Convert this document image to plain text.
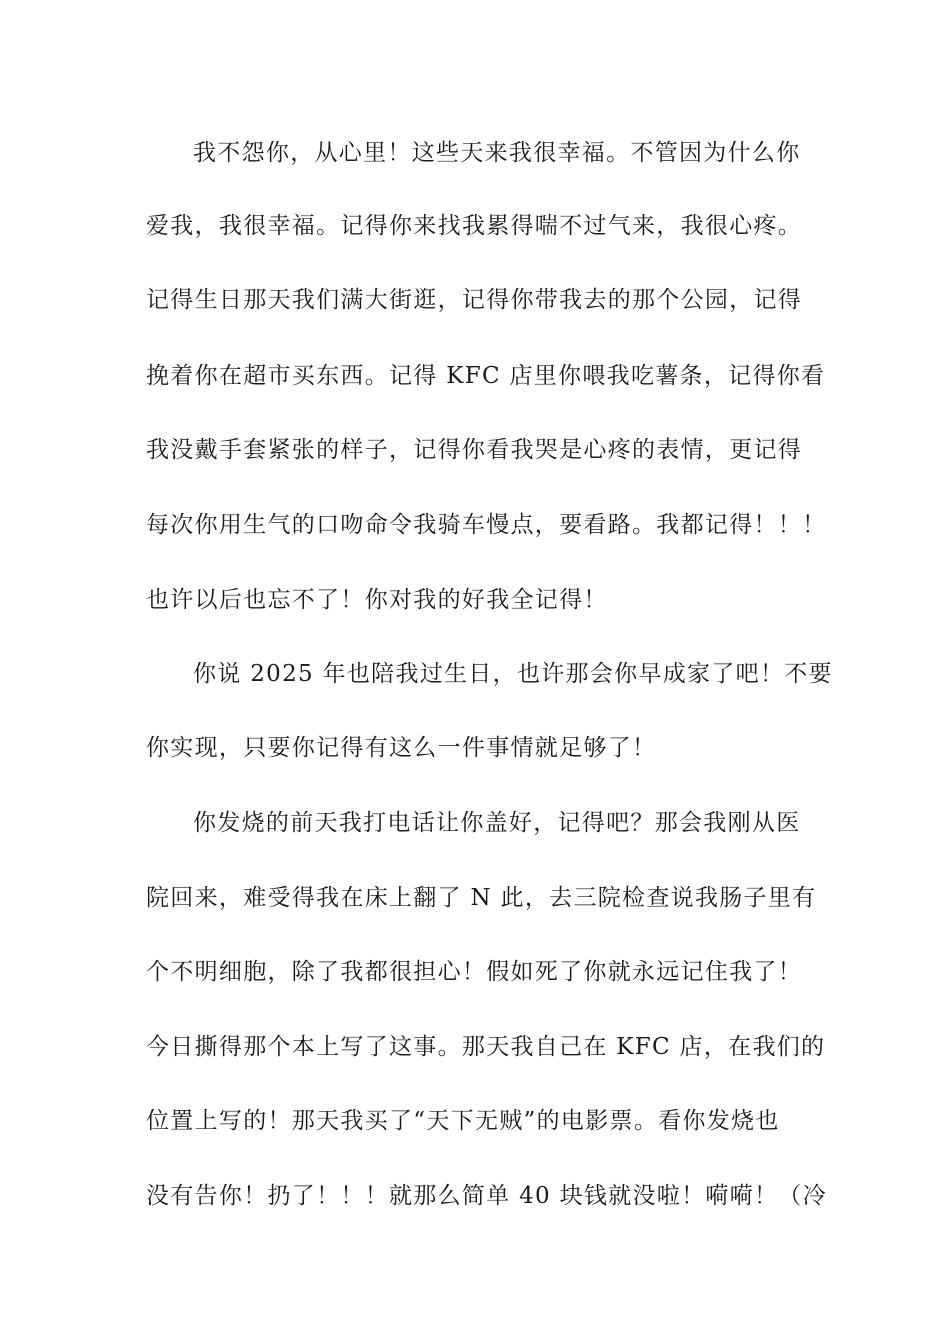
我不怨你，从心里！这些天来我很幸福。不管因为什么你

爱我，我很幸福。记得你来找我累得喘不过气来，我很心疼。

记得生日那天我们满大街逛，记得你带我去的那个公园，记得

挽着你在超市买东西。记得 KFC 店里你喂我吃薯条，记得你看

我没戴手套紧张的样子，记得你看我哭是心疼的表情，更记得

每次你用生气的口吻命令我骑车慢点，要看路。我都记得！！！

也许以后也忘不了！你对我的好我全记得！

你说 2025 年也陪我过生日，也许那会你早成家了吧！不要

你实现，只要你记得有这么一件事情就足够了！

你发烧的前天我打电话让你盖好，记得吧？那会我刚从医

院回来，难受得我在床上翻了 N 此，去三院检查说我肠子里有

个不明细胞，除了我都很担心！假如死了你就永远记住我了！

今日撕得那个本上写了这事。那天我自己在 KFC 店，在我们的

位置上写的！那天我买了“天下无贼”的电影票。看你发烧也

没有告你！扔了！！！就那么简单 40 块钱就没啦！嗬嗬！（冷
